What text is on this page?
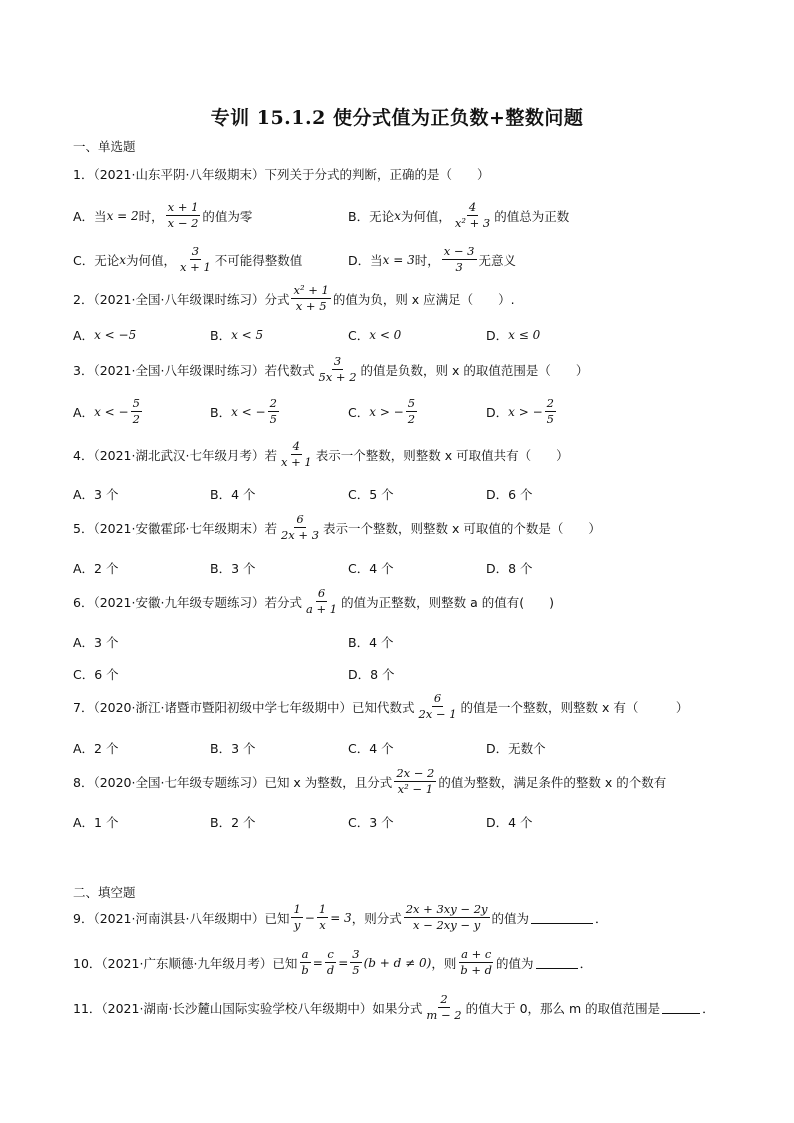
专训 15.1.2 使分式值为正负数+整数问题
一、单选题
1．（2021·山东平阴·八年级期末）下列关于分式的判断，正确的是（　　）
A．当 x = 2 时， $\frac{x + 1}{x - 2}$ 的值为零	B．无论 x 为何值， $\frac{4}{\text{x² + 3}}$ 的值总为正数
C．无论 x 为何值， $\frac{3}{x + 1}$ 不可能得整数值	D．当 x = 3 时， $\frac{x - 3}{3}$ 无意义
2．（2021·全国·八年级课时练习）分式 $\frac{\text{x² + 1}}{x + 5}$ 的值为负，则 x 应满足（　　）.
A． x < −5	B． x < 5	C． x < 0	D． x ≤ 0
3．（2021·全国·八年级课时练习）若代数式 $\frac{3}{5x + 2}$ 的值是负数，则 x 的取值范围是（　　）
A． x < − $\frac{5}{2}$	B． x < − $\frac{2}{5}$	C． x > − $\frac{5}{2}$	D． x > − $\frac{2}{5}$
4．（2021·湖北武汉·七年级月考）若 $\frac{4}{x + 1}$ 表示一个整数，则整数 x 可取值共有（　　）
A．3 个	B．4 个	C．5 个	D．6 个
5．（2021·安徽霍邱·七年级期末）若 $\frac{6}{2x + 3}$ 表示一个整数，则整数 x 可取值的个数是（　　）
A．2 个	B．3 个	C．4 个	D．8 个
6．（2021·安徽·九年级专题练习）若分式 $\frac{6}{a + 1}$ 的值为正整数，则整数 a 的值有(　　)
A．3 个	B．4 个
C．6 个	D．8 个
7．（2020·浙江·诸暨市暨阳初级中学七年级期中）已知代数式 $\frac{6}{2x - 1}$ 的值是一个整数，则整数 x 有（　　　）
A．2 个	B．3 个	C．4 个	D．无数个
8．（2020·全国·七年级专题练习）已知 x 为整数，且分式 $\frac{2x - 2}{\text{x² − 1}}$ 的值为整数，满足条件的整数 x 的个数有
A．1 个	B．2 个	C．3 个	D．4 个
二、填空题
9．（2021·河南淇县·八年级期中）已知 $\frac{1}{y} - \frac{1}{x} = 3$ ，则分式 $\frac{2x + 3xy - 2y}{x - 2xy - y}$ 的值为	．
10．（2021·广东顺德·九年级月考）已知 $\frac{a}{b} = \frac{c}{d} = \frac{3}{5} (b + d \ne 0)$ ，则 $\frac{a + c}{b + d}$ 的值为	．
11．（2021·湖南·长沙麓山国际实验学校八年级期中）如果分式 $\frac{2}{m - 2}$ 的值大于 0，那么 m 的取值范围是	．
